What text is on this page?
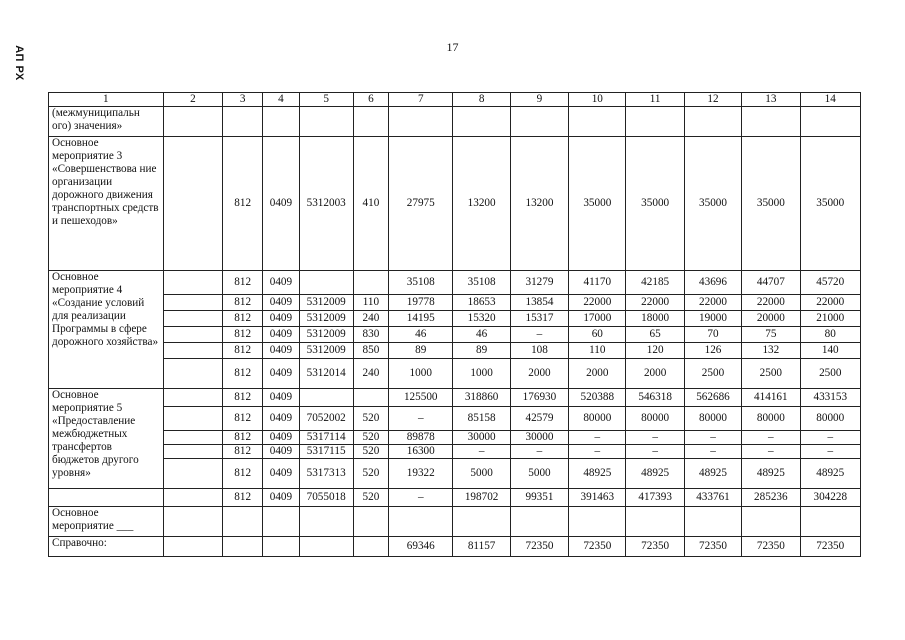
АП РХ	17
1	2	3	4	5	6	7	8	9	10	11	12	13	14
(межмуниципальн ого) значения»													
Основное мероприятие 3 «Совершенствова ние организации дорожного движения транспортных средств и пешеходов»		812	0409	5312003	410	27975	13200	13200	35000	35000	35000	35000	35000
Основное мероприятие 4 «Создание условий для реализации Программы в сфере дорожного хозяйства»		812	0409			35108	35108	31279	41170	42185	43696	44707	45720
		812	0409	5312009	110	19778	18653	13854	22000	22000	22000	22000	22000
		812	0409	5312009	240	14195	15320	15317	17000	18000	19000	20000	21000
		812	0409	5312009	830	46	46	–	60	65	70	75	80
		812	0409	5312009	850	89	89	108	110	120	126	132	140
		812	0409	5312014	240	1000	1000	2000	2000	2000	2500	2500	2500
Основное мероприятие 5 «Предоставление межбюджетных трансфертов бюджетов другого уровня»		812	0409			125500	318860	176930	520388	546318	562686	414161	433153
		812	0409	7052002	520	–	85158	42579	80000	80000	80000	80000	80000
		812	0409	5317114	520	89878	30000	30000	–	–	–	–	–
		812	0409	5317115	520	16300	–	–	–	–	–	–	–
		812	0409	5317313	520	19322	5000	5000	48925	48925	48925	48925	48925
		812	0409	7055018	520	–	198702	99351	391463	417393	433761	285236	304228
Основное мероприятие ___													
Справочно:						69346	81157	72350	72350	72350	72350	72350	72350
